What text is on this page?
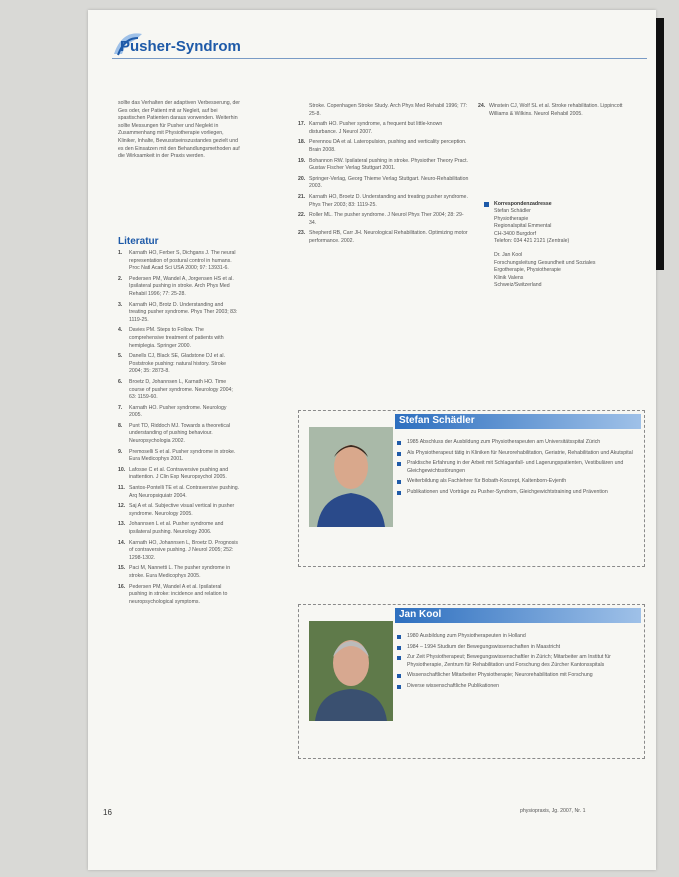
Pusher-Syndrom
sollte das Verhalten der adaptiven Verbesserung, der Ges oder, der Patient mit ar Negleit, auf bei spastischen Patienten daraus vorwenden. Weiterhin sollte Messungen für Pusher und Neglekt in Zusammenhang mit Physiotherapie vorliegen, Kliniker, Inhalte, Bewusstseinszustandes gezielt und es den Einsatzen mit den Behandlungsmethoden auf die Wirksamkeit in der Praxis werden.
Literatur
1.	Karnath HO, Ferber S, Dichgans J. The neural representation of postural control in humans. Proc Natl Acad Sci USA 2000; 97: 13931-6.
2.	Pedersen PM, Wandel A, Jorgensen HS et al. Ipsilateral pushing in stroke. Arch Phys Med Rehabil 1996; 77: 25-28.
3.	Karnath HO, Brotz D. Understanding and treating pusher syndrome. Phys Ther 2003; 83: 1119-25.
4.	Davies PM. Steps to Follow. The comprehensive treatment of patients with hemiplegia. Springer 2000.
5.	Danells CJ, Black SE, Gladstone DJ et al. Poststroke pushing: natural history. Stroke 2004; 35: 2873-8.
6.	Broetz D, Johannsen L, Karnath HO. Time course of pusher syndrome. Neurology 2004; 63: 1159-60.
7.	Karnath HO. Pusher syndrome. Neurology 2005.
8.	Punt TD, Riddoch MJ. Towards a theoretical understanding of pushing behaviour. Neuropsychologia 2002.
9.	Premoselli S et al. Pusher syndrome in stroke. Eura Medicophys 2001.
10. Lafosse C et al. Contraversive pushing and inattention. J Clin Exp Neuropsychol 2005.
11. Santos-Pontelli TE et al. Contraversive pushing. Arq Neuropsiquiatr 2004.
12. Saj A et al. Subjective visual vertical in pusher syndrome. Neurology 2005.
13. Johannsen L et al. Pusher syndrome and ipsilateral pushing. Neurology 2006.
14. Karnath HO, Johannsen L, Broetz D. Prognosis of contraversive pushing. J Neurol 2005; 252: 1298-1302.
15. Paci M, Nannetti L. The pusher syndrome in stroke. Eura Medicophys 2005.
16. Pedersen PM, Wandel A et al. Ipsilateral pushing in stroke: incidence and relation to neuropsychological symptoms.
Stroke. Copenhagen Stroke Study. Arch Phys Med Rehabil 1996; 77: 25-8.
17. Karnath HO. Pusher syndrome, a frequent but little-known disturbance. J Neurol 2007.
18. Perennou DA et al. Lateropulsion, pushing and verticality perception. Brain 2008.
19. Bohannon RW. Ipsilateral pushing in stroke. Physiother Theory Pract. Gustav Fischer Verlag Stuttgart 2001.
20. Springer-Verlag, Georg Thieme Verlag Stuttgart. Neuro-Rehabilitation 2003.
21. Karnath HO, Broetz D. Understanding and treating pusher syndrome. Phys Ther 2003; 83: 1119-25.
22. Roller ML. The pusher syndrome. J Neurol Phys Ther 2004; 28: 29-34.
23. Shepherd RB, Carr JH. Neurological Rehabilitation. Optimizing motor performance. 2002.
24. Winstein CJ, Wolf SL et al. Stroke rehabilitation. Lippincott Williams & Wilkins. Neurol Rehabil 2005.
Korrespondenzadresse
Stefan Schädler
Physiotherapie
Regionalspital Emmental
CH-3400 Burgdorf
Telefon: 034 421 2121 (Zentrale)
Dr. Jan Kool
Forschungsleitung Gesundheit und Soziales
Ergotherapie, Physiotherapie
Klinik Valens
Schweiz/Switzerland
Stefan Schädler
1985 Abschluss der Ausbildung zum Physiotherapeuten am Universitätsspital Zürich
Als Physiotherapeut tätig in Kliniken für Neurorehabilitation, Geriatrie, Rehabilitation und Akutspital
Praktische Erfahrung in der Arbeit mit Schlaganfall- und Lagerungspatienten, Vestibulären und Gleichgewichtsstörungen
Weiterbildung als Fachlehrer für Bobath-Konzept, Kaltenborn-Evjenth
Publikationen und Vorträge zu Pusher-Syndrom, Gleichgewichtstraining und Prävention
Jan Kool
1980 Ausbildung zum Physiotherapeuten in Holland
1984 – 1994 Studium der Bewegungswissenschaften in Maastricht
Zur Zeit Physiotherapeut; Bewegungswissenschaftler in Zürich; Mitarbeiter am Institut für Physiotherapie, Zentrum für Rehabilitation und Forschung des Zürcher Kantonsspitals
Wissenschaftlicher Mitarbeiter Physiotherapie; Neurorehabilitation mit Forschung
Diverse wissenschaftliche Publikationen
16	physiopraxis, Jg. 2007, Nr. 1
